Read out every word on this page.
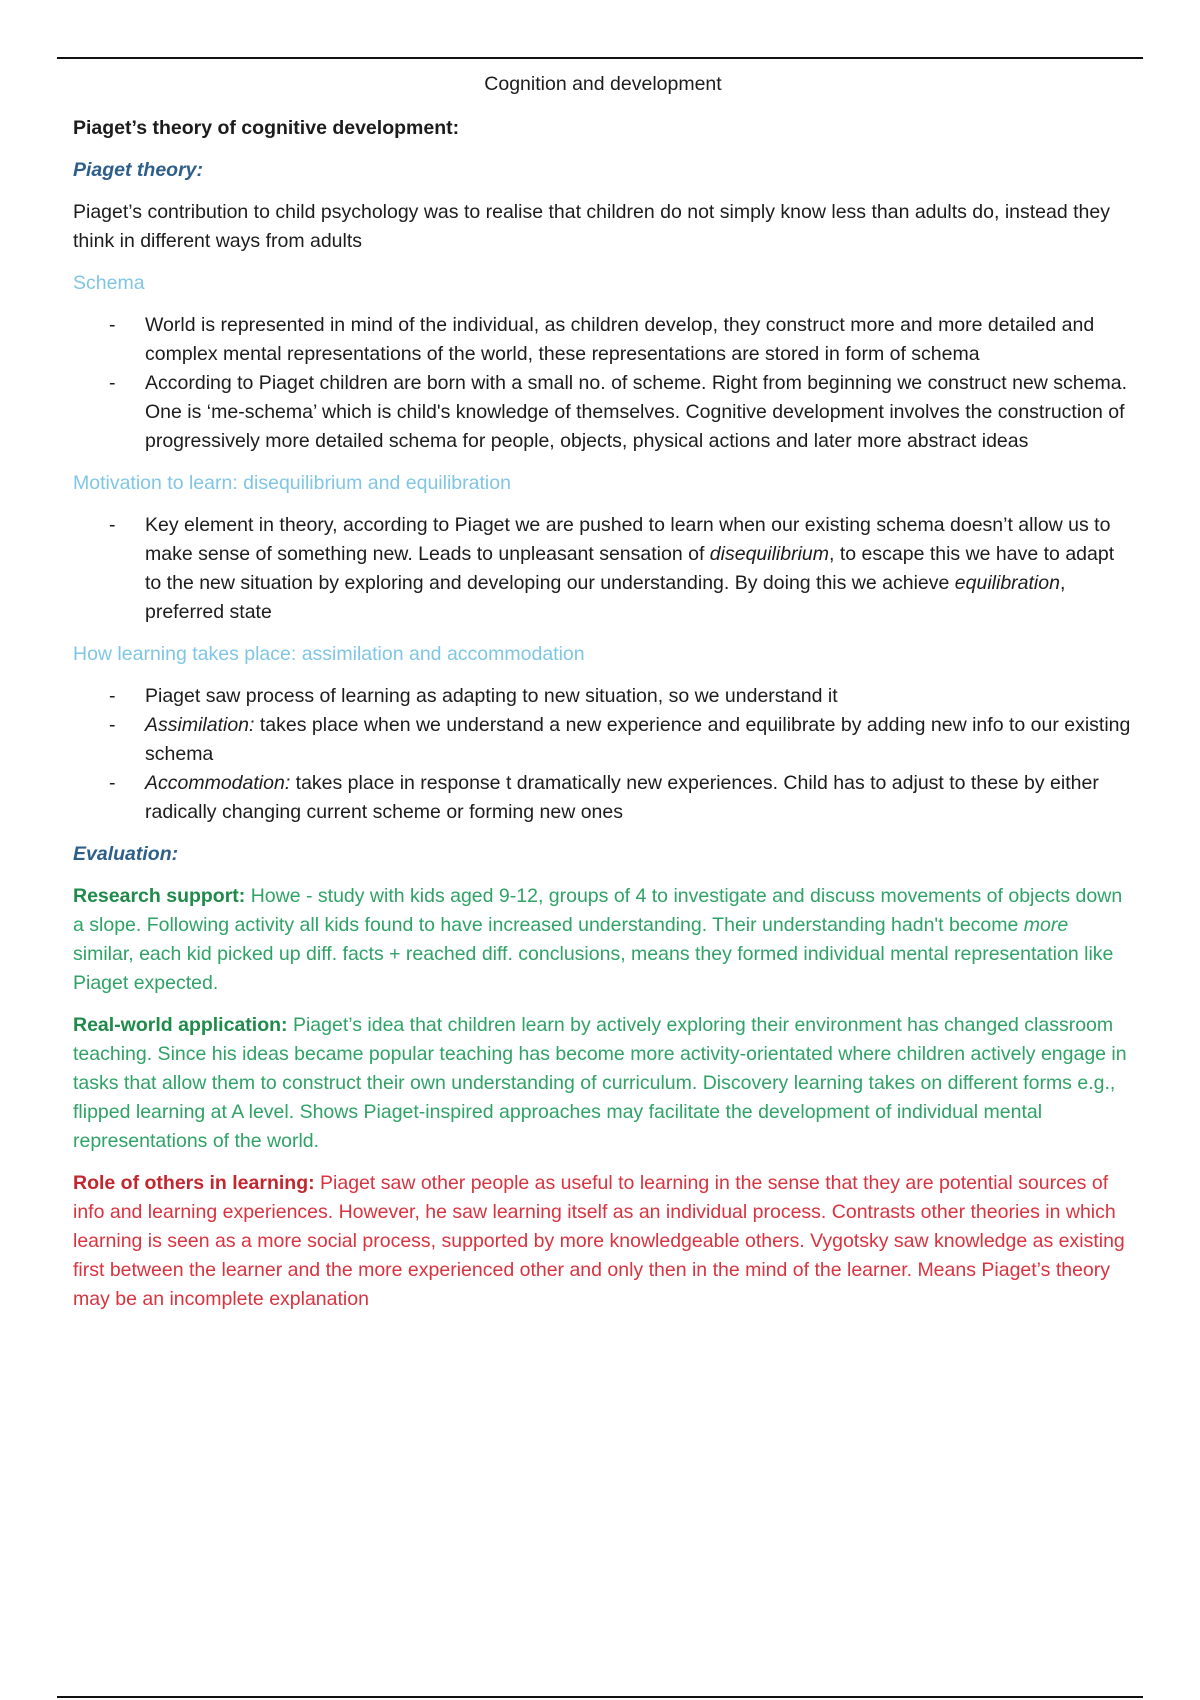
Cognition and development
Piaget’s theory of cognitive development:
Piaget theory:

Piaget’s contribution to child psychology was to realise that children do not simply know less than adults do, instead they think in different ways from adults

Schema
- World is represented in mind of the individual, as children develop, they construct more and more detailed and complex mental representations of the world, these representations are stored in form of schema
- According to Piaget children are born with a small no. of scheme. Right from beginning we construct new schema. One is ‘me-schema’ which is child's knowledge of themselves. Cognitive development involves the construction of progressively more detailed schema for people, objects, physical actions and later more abstract ideas
Motivation to learn: disequilibrium and equilibration
- Key element in theory, according to Piaget we are pushed to learn when our existing schema doesn’t allow us to make sense of something new. Leads to unpleasant sensation of disequilibrium, to escape this we have to adapt to the new situation by exploring and developing our understanding. By doing this we achieve equilibration, preferred state
How learning takes place: assimilation and accommodation
- Piaget saw process of learning as adapting to new situation, so we understand it
- Assimilation: takes place when we understand a new experience and equilibrate by adding new info to our existing schema
- Accommodation: takes place in response t dramatically new experiences. Child has to adjust to these by either radically changing current scheme or forming new ones
Evaluation:

Research support: Howe - study with kids aged 9-12, groups of 4 to investigate and discuss movements of objects down a slope. Following activity all kids found to have increased understanding. Their understanding hadn't become more similar, each kid picked up diff. facts + reached diff. conclusions, means they formed individual mental representation like Piaget expected.

Real-world application: Piaget’s idea that children learn by actively exploring their environment has changed classroom teaching. Since his ideas became popular teaching has become more activity-orientated where children actively engage in tasks that allow them to construct their own understanding of curriculum. Discovery learning takes on different forms e.g., flipped learning at A level. Shows Piaget-inspired approaches may facilitate the development of individual mental representations of the world.

Role of others in learning: Piaget saw other people as useful to learning in the sense that they are potential sources of info and learning experiences. However, he saw learning itself as an individual process. Contrasts other theories in which learning is seen as a more social process, supported by more knowledgeable others. Vygotsky saw knowledge as existing first between the learner and the more experienced other and only then in the mind of the learner. Means Piaget’s theory may be an incomplete explanation
